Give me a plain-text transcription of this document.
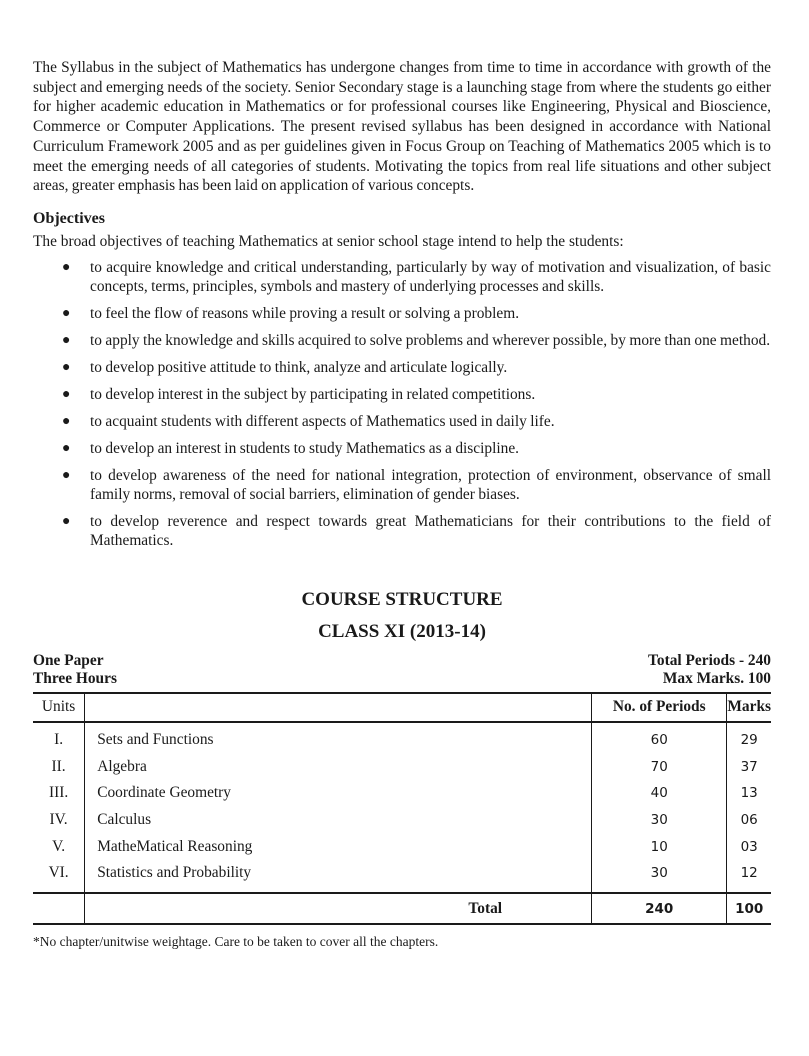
The Syllabus in the subject of Mathematics has undergone changes from time to time in accordance with growth of the subject and emerging needs of the society. Senior Secondary stage is a launching stage from where the students go either for higher academic education in Mathematics or for professional courses like Engineering, Physical and Bioscience, Commerce or Computer Applications. The present revised syllabus has been designed in accordance with National Curriculum Framework 2005 and as per guidelines given in Focus Group on Teaching of Mathematics 2005 which is to meet the emerging needs of all categories of students. Motivating the topics from real life situations and other subject areas, greater emphasis has been laid on application of various concepts.

Objectives
The broad objectives of teaching Mathematics at senior school stage intend to help the students:
● to acquire knowledge and critical understanding, particularly by way of motivation and visualization, of basic concepts, terms, principles, symbols and mastery of underlying processes and skills.
● to feel the flow of reasons while proving a result or solving a problem.
● to apply the knowledge and skills acquired to solve problems and wherever possible, by more than one method.
● to develop positive attitude to think, analyze and articulate logically.
● to develop interest in the subject by participating in related competitions.
● to acquaint students with different aspects of Mathematics used in daily life.
● to develop an interest in students to study Mathematics as a discipline.
● to develop awareness of the need for national integration, protection of environment, observance of small family norms, removal of social barriers, elimination of gender biases.
● to develop reverence and respect towards great Mathematicians for their contributions to the field of Mathematics.
COURSE STRUCTURE
CLASS XI (2013-14)
One Paper	Total Periods - 240
Three Hours	Max Marks. 100
Units		No. of Periods	Marks
I.	Sets and Functions	60	29
II.	Algebra	70	37
III.	Coordinate Geometry	40	13
IV.	Calculus	30	06
V.	MatheMatical Reasoning	10	03
VI.	Statistics and Probability	30	12
	Total	240	100
*No chapter/unitwise weightage. Care to be taken to cover all the chapters.
